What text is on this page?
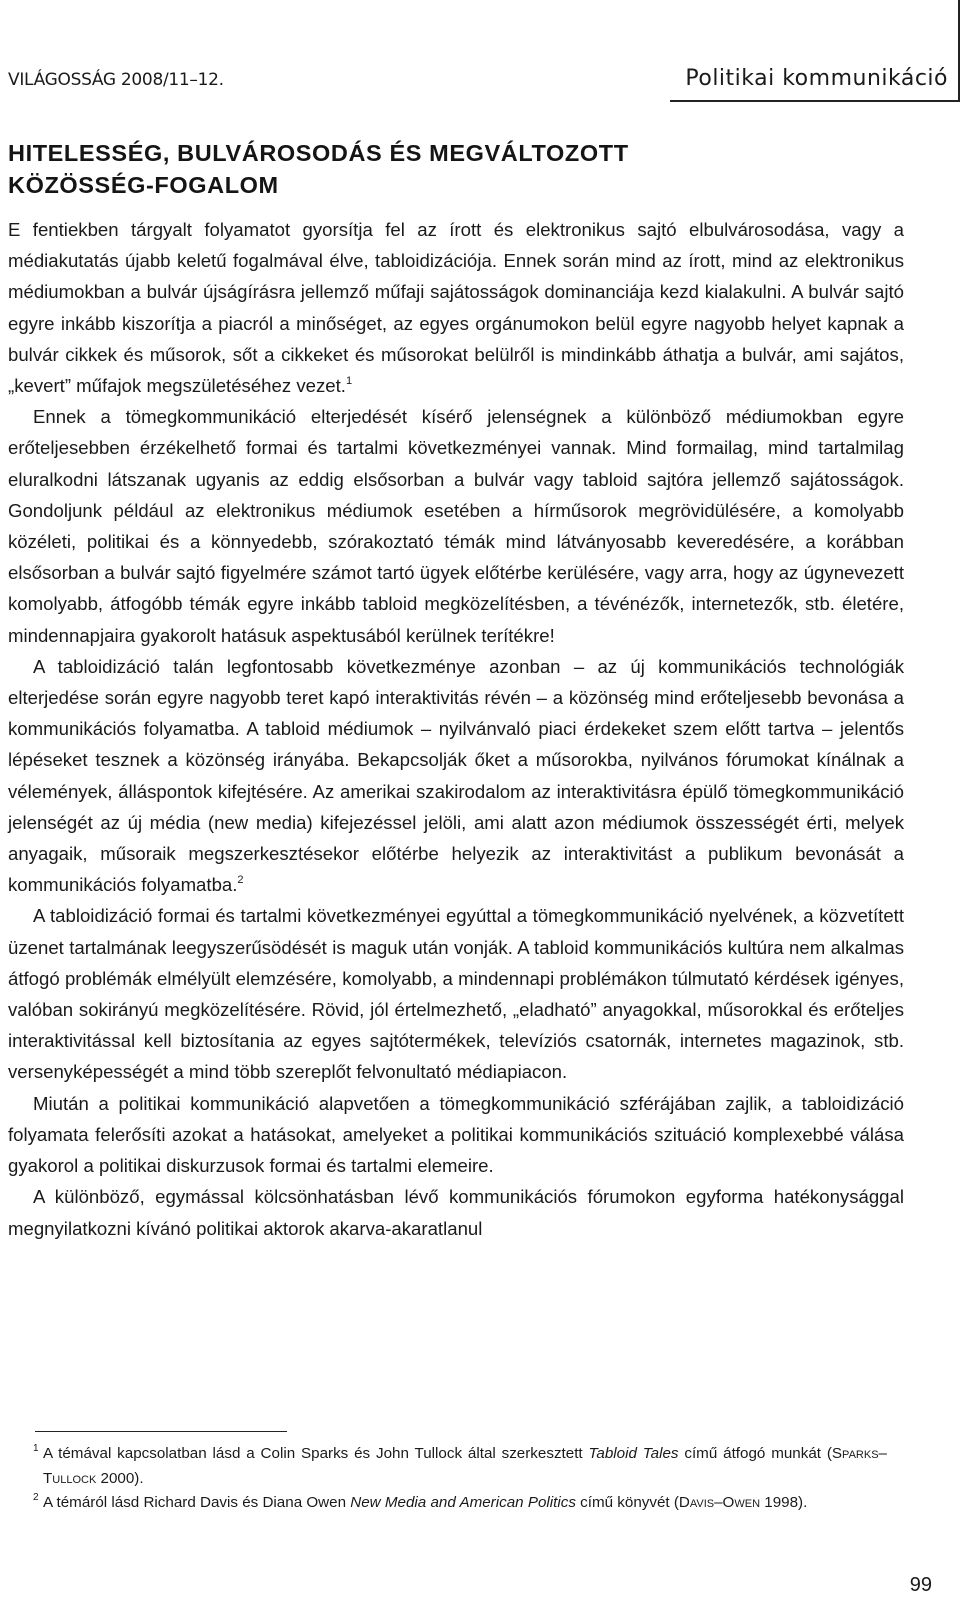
VILÁGOSSÁG 2008/11–12.	Politikai kommunikáció
HITELESSÉG, BULVÁROSODÁS ÉS MEGVÁLTOZOTT
KÖZÖSSÉG-FOGALOM

E fentiekben tárgyalt folyamatot gyorsítja fel az írott és elektronikus sajtó elbulvárosodása, vagy a médiakutatás újabb keletű fogalmával élve, tabloidizációja. Ennek során mind az írott, mind az elektronikus médiumokban a bulvár újságírásra jellemző műfaji sajátosságok dominanciája kezd kialakulni. A bulvár sajtó egyre inkább kiszorítja a piacról a minőséget, az egyes orgánumokon belül egyre nagyobb helyet kapnak a bulvár cikkek és műsorok, sőt a cikkeket és műsorokat belülről is mindinkább áthatja a bulvár, ami sajátos, „kevert” műfajok megszületéséhez vezet.$^1$

Ennek a tömegkommunikáció elterjedését kísérő jelenségnek a különböző médiumokban egyre erőteljesebben érzékelhető formai és tartalmi következményei vannak. Mind formailag, mind tartalmilag eluralkodni látszanak ugyanis az eddig elsősorban a bulvár vagy tabloid sajtóra jellemző sajátosságok. Gondoljunk például az elektronikus médiumok esetében a hírműsorok megrövidülésére, a komolyabb közéleti, politikai és a könnyedebb, szórakoztató témák mind látványosabb keveredésére, a korábban elsősorban a bulvár sajtó figyelmére számot tartó ügyek előtérbe kerülésére, vagy arra, hogy az úgynevezett komolyabb, átfogóbb témák egyre inkább tabloid megközelítésben, a tévénézők, internetezők, stb. életére, mindennapjaira gyakorolt hatásuk aspektusából kerülnek terítékre!

A tabloidizáció talán legfontosabb következménye azonban – az új kommunikációs technológiák elterjedése során egyre nagyobb teret kapó interaktivitás révén – a közönség mind erőteljesebb bevonása a kommunikációs folyamatba. A tabloid médiumok – nyilvánvaló piaci érdekeket szem előtt tartva – jelentős lépéseket tesznek a közönség irányába. Bekapcsolják őket a műsorokba, nyilvános fórumokat kínálnak a vélemények, álláspontok kifejtésére. Az amerikai szakirodalom az interaktivitásra épülő tömegkommunikáció jelenségét az új média (new media) kifejezéssel jelöli, ami alatt azon médiumok összességét érti, melyek anyagaik, műsoraik megszerkesztésekor előtérbe helyezik az interaktivitást a publikum bevonását a kommunikációs folyamatba.$^2$

A tabloidizáció formai és tartalmi következményei egyúttal a tömegkommunikáció nyelvének, a közvetített üzenet tartalmának leegyszerűsödését is maguk után vonják. A tabloid kommunikációs kultúra nem alkalmas átfogó problémák elmélyült elemzésére, komolyabb, a mindennapi problémákon túlmutató kérdések igényes, valóban sokirányú megközelítésére. Rövid, jól értelmezhető, „eladható” anyagokkal, műsorokkal és erőteljes interaktivitással kell biztosítania az egyes sajtótermékek, televíziós csatornák, internetes magazinok, stb. versenyképességét a mind több szereplőt felvonultató médiapiacon.

Miután a politikai kommunikáció alapvetően a tömegkommunikáció szférájában zajlik, a tabloidizáció folyamata felerősíti azokat a hatásokat, amelyeket a politikai kommunikációs szituáció komplexebbé válása gyakorol a politikai diskurzusok formai és tartalmi elemeire.

A különböző, egymással kölcsönhatásban lévő kommunikációs fórumokon egyforma hatékonysággal megnyilatkozni kívánó politikai aktorok akarva-akaratlanul

1 A témával kapcsolatban lásd a Colin Sparks és John Tullock által szerkesztett Tabloid Tales című átfogó munkát (Sparks–Tullock 2000).
2 A témáról lásd Richard Davis és Diana Owen New Media and American Politics című könyvét (Davis–Owen 1998).
99
